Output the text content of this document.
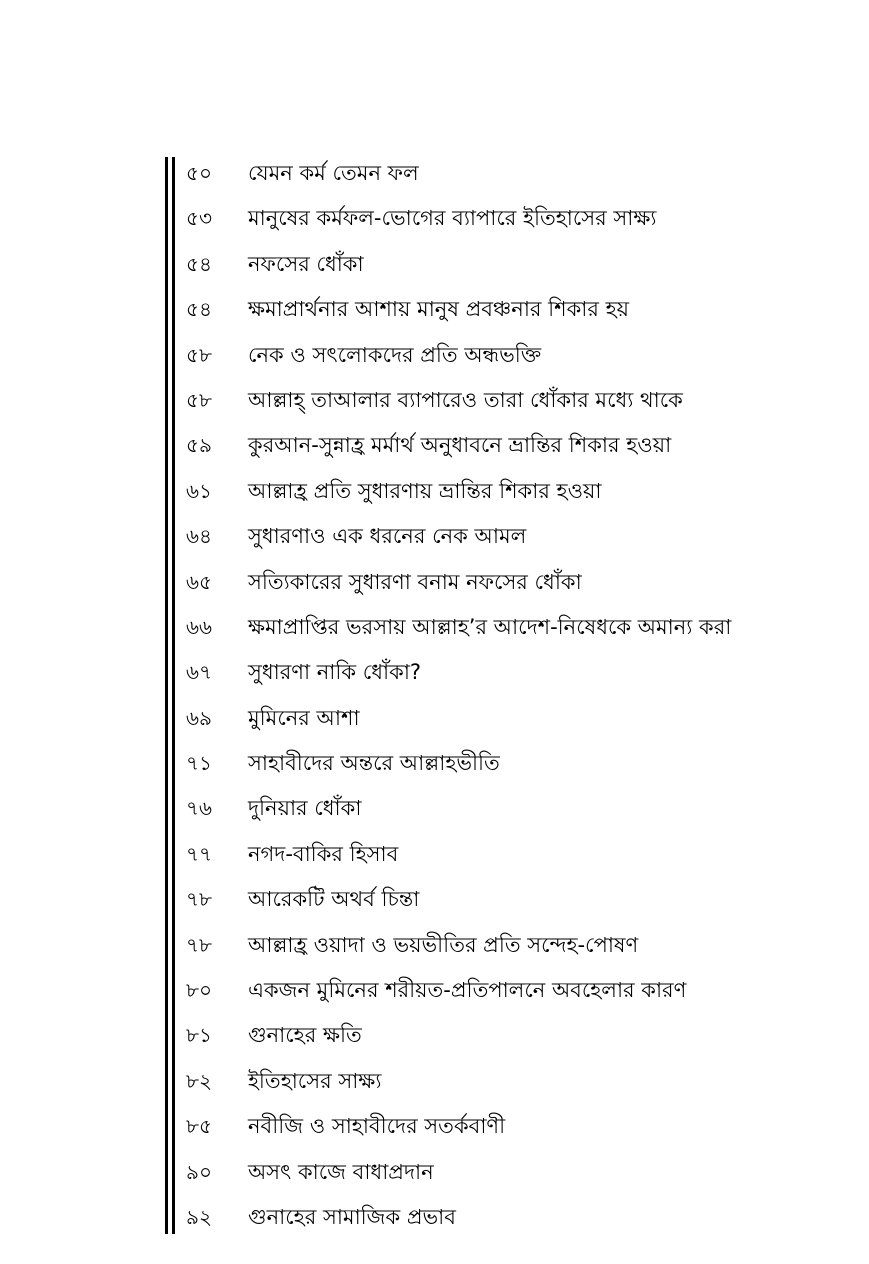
৫০	যেমন কর্ম তেমন ফল
৫৩	মানুষের কর্মফল-ভোগের ব্যাপারে ইতিহাসের সাক্ষ্য
৫৪	নফসের ধোঁকা
৫৪	ক্ষমাপ্রার্থনার আশায় মানুষ প্রবঞ্চনার শিকার হয়
৫৮	নেক ও সৎলোকদের প্রতি অন্ধভক্তি
৫৮	আল্লাহ্ তাআলার ব্যাপারেও তারা ধোঁকার মধ্যে থাকে
৫৯	কুরআন-সুন্নাহ্র মর্মার্থ অনুধাবনে ভ্রান্তির শিকার হওয়া
৬১	আল্লাহ্র প্রতি সুধারণায় ভ্রান্তির শিকার হওয়া
৬৪	সুধারণাও এক ধরনের নেক আমল
৬৫	সত্যিকারের সুধারণা বনাম নফসের ধোঁকা
৬৬	ক্ষমাপ্রাপ্তির ভরসায় আল্লাহ’র আদেশ-নিষেধকে অমান্য করা
৬৭	সুধারণা নাকি ধোঁকা?
৬৯	মুমিনের আশা
৭১	সাহাবীদের অন্তরে আল্লাহভীতি
৭৬	দুনিয়ার ধোঁকা
৭৭	নগদ-বাকির হিসাব
৭৮	আরেকটি অথর্ব চিন্তা
৭৮	আল্লাহ্র ওয়াদা ও ভয়ভীতির প্রতি সন্দেহ-পোষণ
৮০	একজন মুমিনের শরীয়ত-প্রতিপালনে অবহেলার কারণ
৮১	গুনাহের ক্ষতি
৮২	ইতিহাসের সাক্ষ্য
৮৫	নবীজি ও সাহাবীদের সতর্কবাণী
৯০	অসৎ কাজে বাধাপ্রদান
৯২	গুনাহের সামাজিক প্রভাব
